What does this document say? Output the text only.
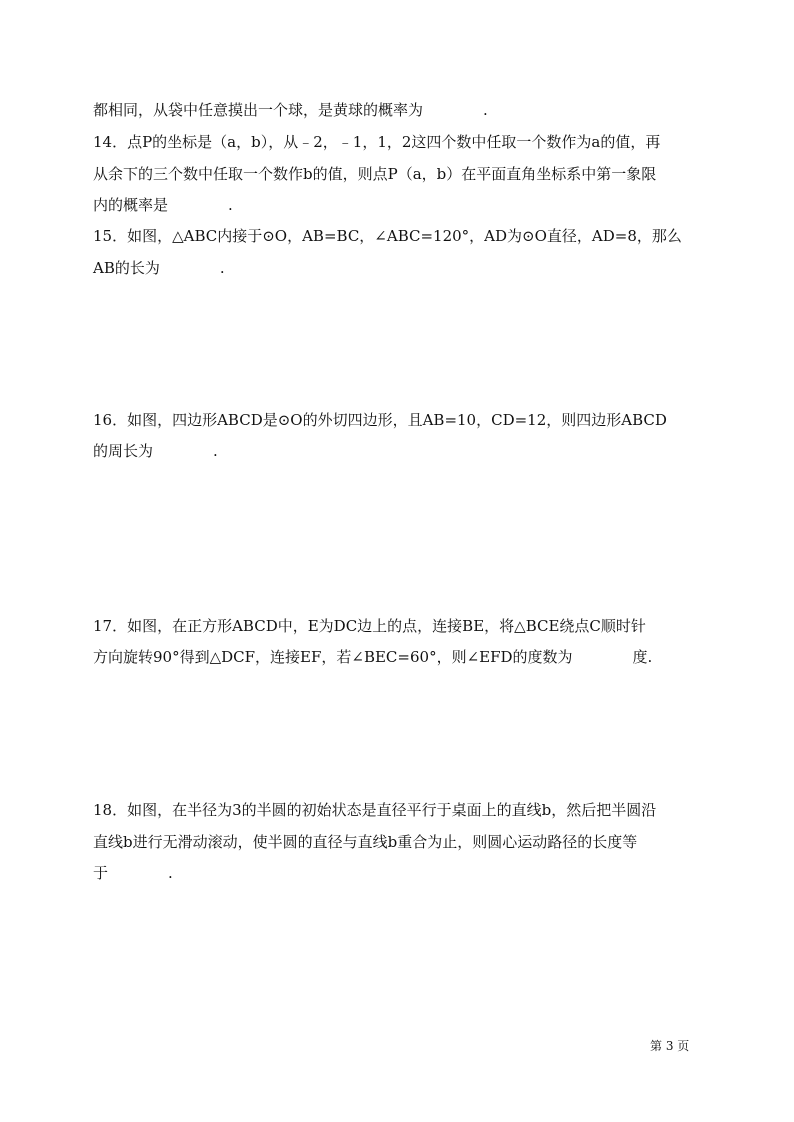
都相同，从袋中任意摸出一个球，是黄球的概率为　　　　.
14．点P的坐标是（a，b），从﹣2，﹣1，1，2这四个数中任取一个数作为a的值，再
从余下的三个数中任取一个数作b的值，则点P（a，b）在平面直角坐标系中第一象限
内的概率是　　　　.
15．如图，△ABC内接于⊙O，AB=BC，∠ABC=120°，AD为⊙O直径，AD=8，那么
AB的长为　　　　.
16．如图，四边形ABCD是⊙O的外切四边形，且AB=10，CD=12，则四边形ABCD
的周长为　　　　.
17．如图，在正方形ABCD中，E为DC边上的点，连接BE，将△BCE绕点C顺时针
方向旋转90°得到△DCF，连接EF，若∠BEC=60°，则∠EFD的度数为　　　　度.
18．如图，在半径为3的半圆的初始状态是直径平行于桌面上的直线b，然后把半圆沿
直线b进行无滑动滚动，使半圆的直径与直线b重合为止，则圆心运动路径的长度等
于　　　　.
第 3 页
